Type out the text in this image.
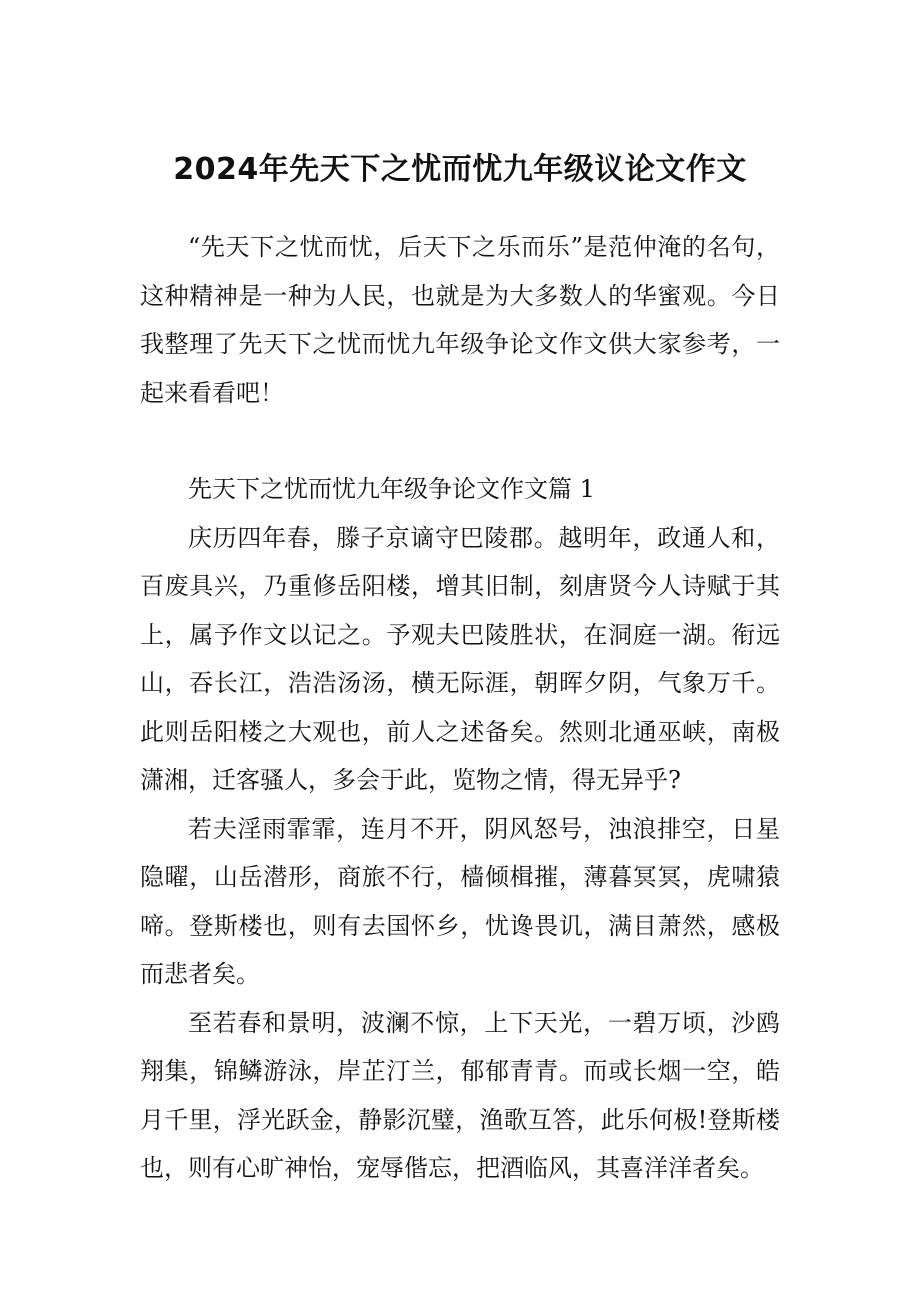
2024年先天下之忧而忧九年级议论文作文

“先天下之忧而忧，后天下之乐而乐”是范仲淹的名句，这种精神是一种为人民，也就是为大多数人的华蜜观。今日我整理了先天下之忧而忧九年级争论文作文供大家参考，一起来看看吧！

先天下之忧而忧九年级争论文作文篇 1

庆历四年春，滕子京谪守巴陵郡。越明年，政通人和，百废具兴，乃重修岳阳楼，增其旧制，刻唐贤今人诗赋于其上，属予作文以记之。予观夫巴陵胜状，在洞庭一湖。衔远山，吞长江，浩浩汤汤，横无际涯，朝晖夕阴，气象万千。此则岳阳楼之大观也，前人之述备矣。然则北通巫峡，南极潇湘，迁客骚人，多会于此，览物之情，得无异乎?

若夫淫雨霏霏，连月不开，阴风怒号，浊浪排空，日星隐曜，山岳潜形，商旅不行，樯倾楫摧，薄暮冥冥，虎啸猿啼。登斯楼也，则有去国怀乡，忧谗畏讥，满目萧然，感极而悲者矣。

至若春和景明，波澜不惊，上下天光，一碧万顷，沙鸥翔集，锦鳞游泳，岸芷汀兰，郁郁青青。而或长烟一空，皓月千里，浮光跃金，静影沉璧，渔歌互答，此乐何极!登斯楼也，则有心旷神怡，宠辱偕忘，把酒临风，其喜洋洋者矣。
